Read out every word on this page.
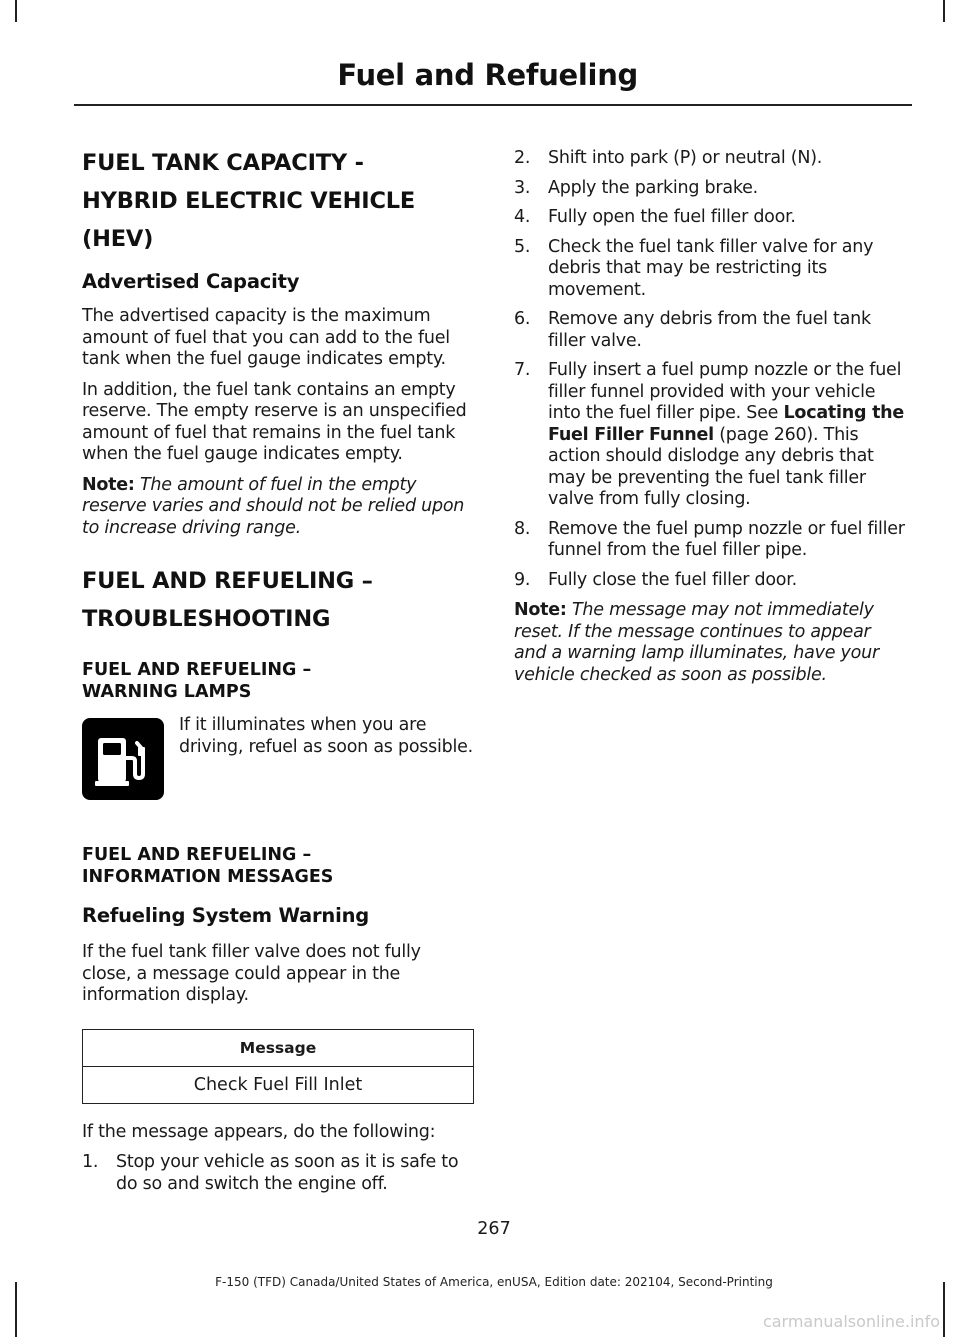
Fuel and Refueling
FUEL TANK CAPACITY -
HYBRID ELECTRIC VEHICLE
(HEV)
Advertised Capacity

The advertised capacity is the maximum amount of fuel that you can add to the fuel tank when the fuel gauge indicates empty.

In addition, the fuel tank contains an empty reserve. The empty reserve is an unspecified amount of fuel that remains in the fuel tank when the fuel gauge indicates empty.

Note: The amount of fuel in the empty reserve varies and should not be relied upon to increase driving range.

FUEL AND REFUELING –
TROUBLESHOOTING
FUEL AND REFUELING – WARNING LAMPS

If it illuminates when you are driving, refuel as soon as possible.

FUEL AND REFUELING – INFORMATION MESSAGES
Refueling System Warning

If the fuel tank filler valve does not fully close, a message could appear in the information display.

Message
Check Fuel Fill Inlet

If the message appears, do the following:

1.	Stop your vehicle as soon as it is safe to do so and switch the engine off.
2.	Shift into park (P) or neutral (N).
3.	Apply the parking brake.
4.	Fully open the fuel filler door.
5.	Check the fuel tank filler valve for any debris that may be restricting its movement.
6.	Remove any debris from the fuel tank filler valve.
7.	Fully insert a fuel pump nozzle or the fuel filler funnel provided with your vehicle into the fuel filler pipe. See Locating the Fuel Filler Funnel (page 260). This action should dislodge any debris that may be preventing the fuel tank filler valve from fully closing.
8.	Remove the fuel pump nozzle or fuel filler funnel from the fuel filler pipe.
9.	Fully close the fuel filler door.

Note: The message may not immediately reset. If the message continues to appear and a warning lamp illuminates, have your vehicle checked as soon as possible.

267
F-150 (TFD) Canada/United States of America, enUSA, Edition date: 202104, Second-Printing
carmanualsonline.info
